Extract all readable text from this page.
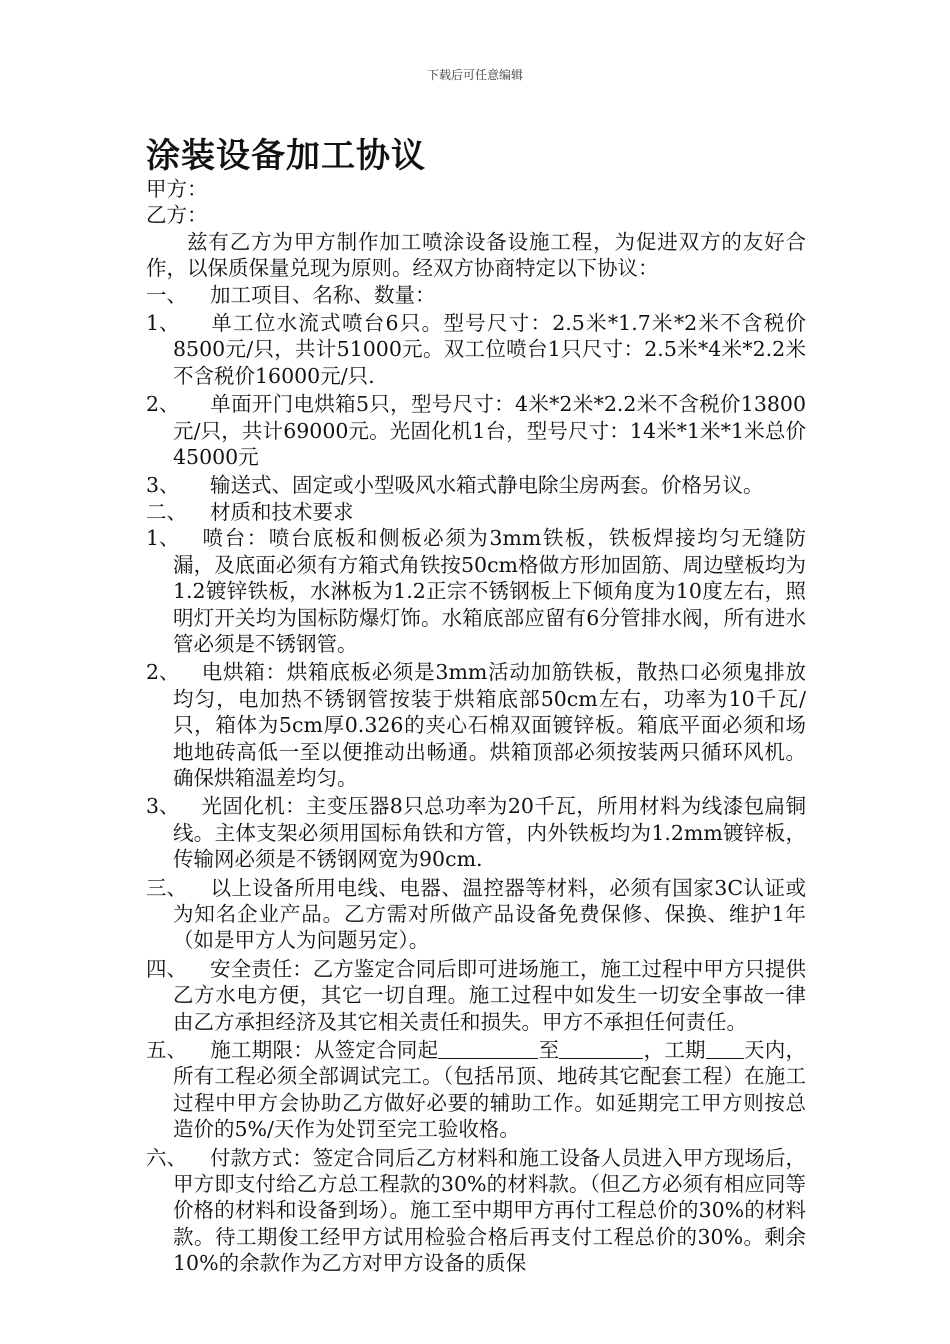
下载后可任意编辑
涂装设备加工协议

甲方：

乙方：

兹有乙方为甲方制作加工喷涂设备设施工程，为促进双方的友好合作，以保质保量兑现为原则。经双方协商特定以下协议：

一、 加工项目、名称、数量：

1、 单工位水流式喷台6只。型号尺寸：2.5米*1.7米*2米不含税价8500元/只，共计51000元。双工位喷台1只尺寸：2.5米*4米*2.2米不含税价16000元/只.

2、 单面开门电烘箱5只，型号尺寸：4米*2米*2.2米不含税价13800元/只，共计69000元。光固化机1台，型号尺寸：14米*1米*1米总价45000元

3、 输送式、固定或小型吸风水箱式静电除尘房两套。价格另议。

二、 材质和技术要求

1、 喷台：喷台底板和侧板必须为3mm铁板，铁板焊接均匀无缝防漏，及底面必须有方箱式角铁按50cm格做方形加固筋、周边壁板均为1.2镀锌铁板，水淋板为1.2正宗不锈钢板上下倾角度为10度左右，照明灯开关均为国标防爆灯饰。水箱底部应留有6分管排水阀，所有进水管必须是不锈钢管。

2、 电烘箱：烘箱底板必须是3mm活动加筋铁板，散热口必须鬼排放均匀，电加热不锈钢管按装于烘箱底部50cm左右，功率为10千瓦/只，箱体为5cm厚0.326的夹心石棉双面镀锌板。箱底平面必须和场地地砖高低一至以便推动出畅通。烘箱顶部必须按装两只循环风机。确保烘箱温差均匀。

3、 光固化机：主变压器8只总功率为20千瓦，所用材料为线漆包扁铜线。主体支架必须用国标角铁和方管，内外铁板均为1.2mm镀锌板，传输网必须是不锈钢网宽为90cm.

三、 以上设备所用电线、电器、温控器等材料，必须有国家3C认证或为知名企业产品。乙方需对所做产品设备免费保修、保换、维护1年（如是甲方人为问题另定）。

四、 安全责任：乙方鉴定合同后即可进场施工，施工过程中甲方只提供乙方水电方便，其它一切自理。施工过程中如发生一切安全事故一律由乙方承担经济及其它相关责任和损失。甲方不承担任何责任。

五、 施工期限：从签定合同起	至	，工期 天内，所有工程必须全部调试完工。（包括吊顶、地砖其它配套工程）在施工过程中甲方会协助乙方做好必要的辅助工作。如延期完工甲方则按总造价的5%/天作为处罚至完工验收格。

六、 付款方式：签定合同后乙方材料和施工设备人员进入甲方现场后，甲方即支付给乙方总工程款的30%的材料款。（但乙方必须有相应同等价格的材料和设备到场）。施工至中期甲方再付工程总价的30%的材料款。待工期俊工经甲方试用检验合格后再支付工程总价的30%。剩余10%的余款作为乙方对甲方设备的质保
